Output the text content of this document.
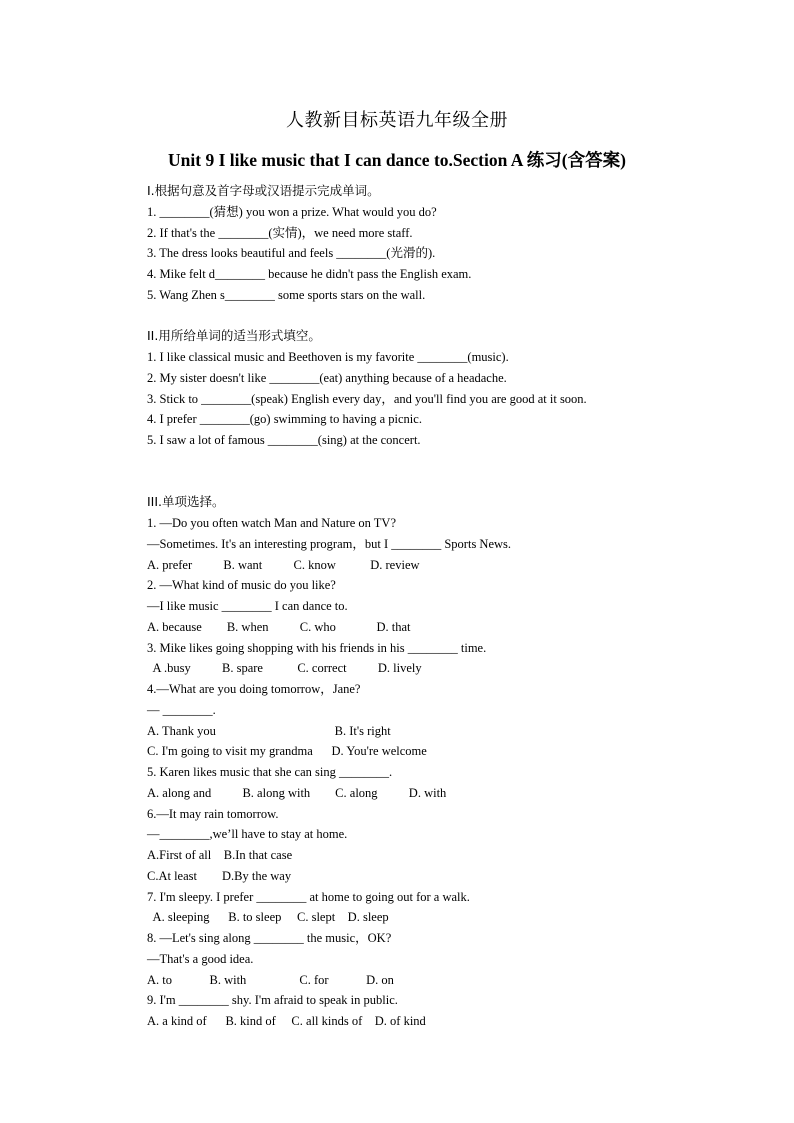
人教新目标英语九年级全册
Unit 9 I like music that I can dance to.Section A 练习(含答案)
I.根据句意及首字母或汉语提示完成单词。
1. ________(猜想) you won a prize. What would you do?
2. If that's the ________(实情)，we need more staff.
3. The dress looks beautiful and feels ________(光滑的).
4. Mike felt d________ because he didn't pass the English exam.
5. Wang Zhen s________ some sports stars on the wall.
II.用所给单词的适当形式填空。
1. I like classical music and Beethoven is my favorite ________(music).
2. My sister doesn't like ________(eat) anything because of a headache.
3. Stick to ________(speak) English every day，and you'll find you are good at it soon.
4. I prefer ________(go) swimming to having a picnic.
5. I saw a lot of famous ________(sing) at the concert.
III.单项选择。
1. —Do you often watch Man and Nature on TV?
—Sometimes. It's an interesting program，but I ________ Sports News.
A. prefer          B. want          C. know           D. review
2. —What kind of music do you like?
—I like music ________ I can dance to.
A. because        B. when          C. who             D. that
3. Mike likes going shopping with his friends in his ________ time.
A .busy          B. spare           C. correct          D. lively
4.—What are you doing tomorrow，Jane?
— ________.
A. Thank you                                      B. It's right
C. I'm going to visit my grandma      D. You're welcome
5. Karen likes music that she can sing ________.
A. along and          B. along with        C. along          D. with
6.—It may rain tomorrow.
—________,we’ll have to stay at home.
A.First of all    B.In that case
C.At least        D.By the way
7. I'm sleepy. I prefer ________ at home to going out for a walk.
A. sleeping      B. to sleep     C. slept    D. sleep
8. —Let's sing along ________ the music，OK?
—That's a good idea.
A. to            B. with                 C. for            D. on
9. I'm ________ shy. I'm afraid to speak in public.
A. a kind of      B. kind of     C. all kinds of    D. of kind
